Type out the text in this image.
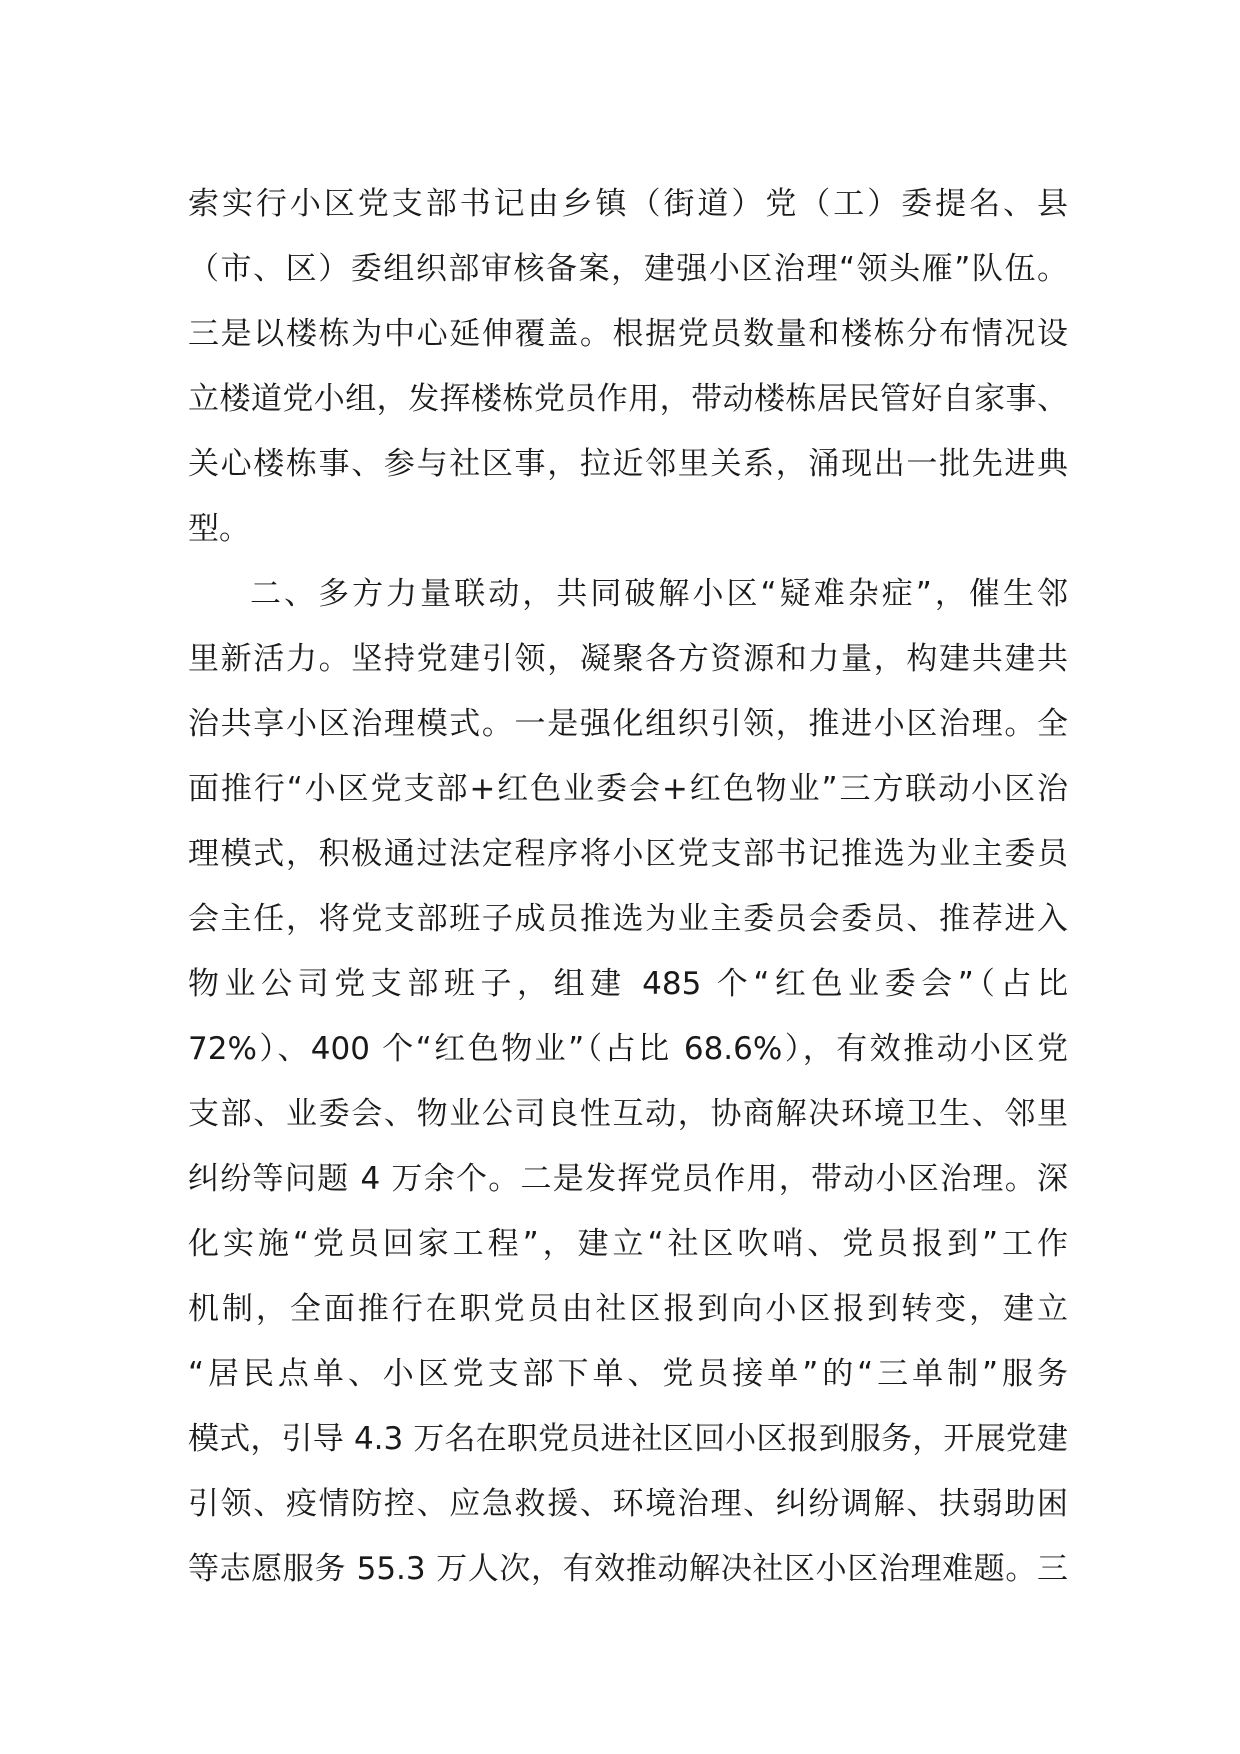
索实行小区党支部书记由乡镇（街道）党（工）委提名、县
（市、区）委组织部审核备案，建强小区治理“领头雁”队伍。
三是以楼栋为中心延伸覆盖。根据党员数量和楼栋分布情况设
立楼道党小组，发挥楼栋党员作用，带动楼栋居民管好自家事、
关心楼栋事、参与社区事，拉近邻里关系，涌现出一批先进典
型。
二、多方力量联动，共同破解小区“疑难杂症”，催生邻
里新活力。坚持党建引领，凝聚各方资源和力量，构建共建共
治共享小区治理模式。一是强化组织引领，推进小区治理。全
面推行“小区党支部+红色业委会+红色物业”三方联动小区治
理模式，积极通过法定程序将小区党支部书记推选为业主委员
会主任，将党支部班子成员推选为业主委员会委员、推荐进入
物业公司党支部班子，组建 485 个“红色业委会”（占比
72%）、400 个“红色物业”（占比 68.6%），有效推动小区党
支部、业委会、物业公司良性互动，协商解决环境卫生、邻里
纠纷等问题 4 万余个。二是发挥党员作用，带动小区治理。深
化实施“党员回家工程”，建立“社区吹哨、党员报到”工作
机制，全面推行在职党员由社区报到向小区报到转变，建立
“居民点单、小区党支部下单、党员接单”的“三单制”服务
模式，引导 4.3 万名在职党员进社区回小区报到服务，开展党建
引领、疫情防控、应急救援、环境治理、纠纷调解、扶弱助困
等志愿服务 55.3 万人次，有效推动解决社区小区治理难题。三
